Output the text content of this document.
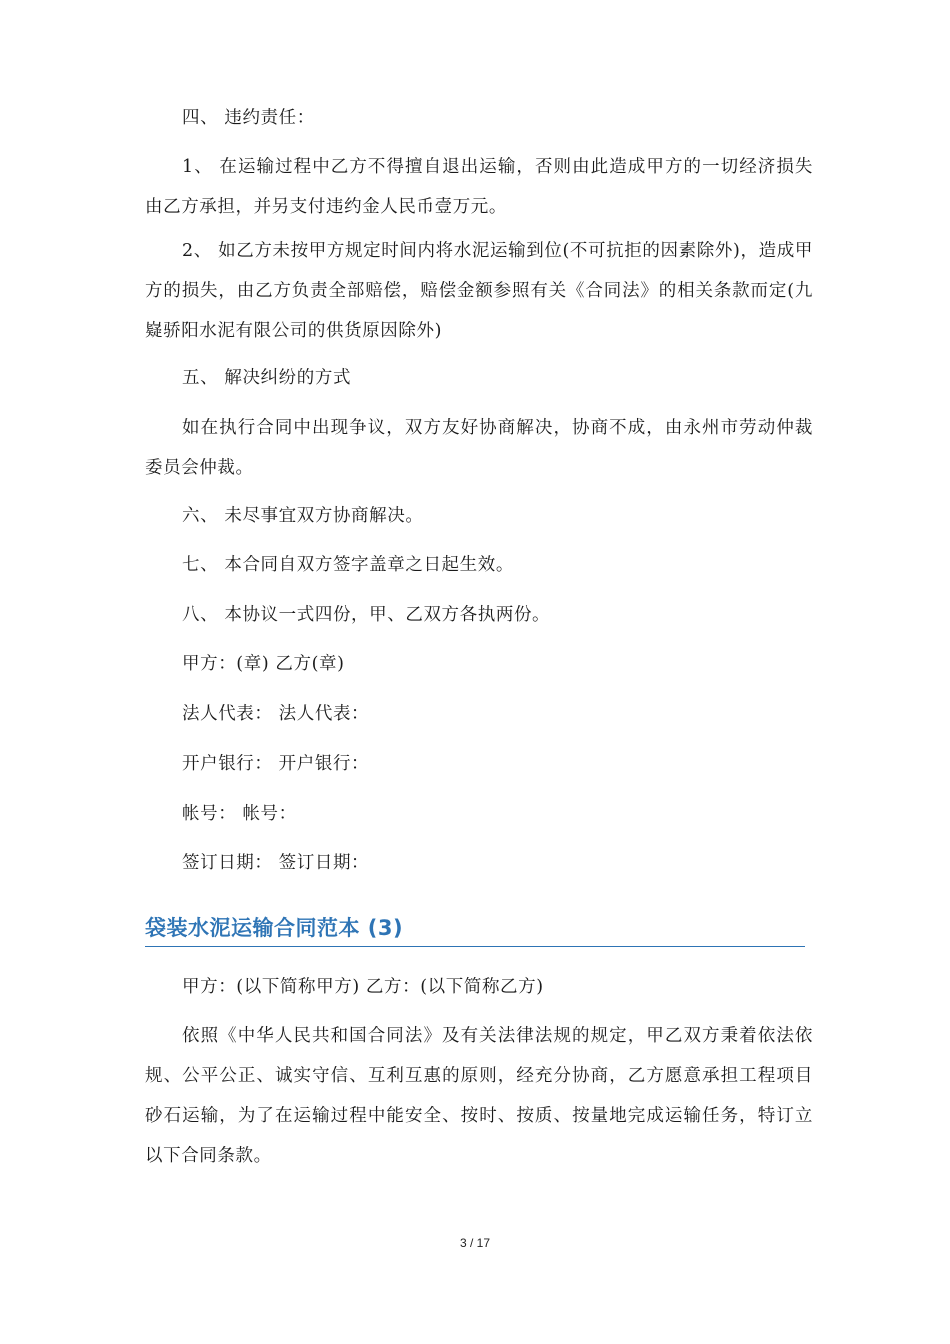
四、 违约责任：

1、 在运输过程中乙方不得擅自退出运输，否则由此造成甲方的一切经济损失由乙方承担，并另支付违约金人民币壹万元。

2、 如乙方未按甲方规定时间内将水泥运输到位(不可抗拒的因素除外)，造成甲方的损失，由乙方负责全部赔偿，赔偿金额参照有关《合同法》的相关条款而定(九嶷骄阳水泥有限公司的供货原因除外)

五、 解决纠纷的方式

如在执行合同中出现争议，双方友好协商解决，协商不成，由永州市劳动仲裁委员会仲裁。

六、 未尽事宜双方协商解决。

七、 本合同自双方签字盖章之日起生效。

八、 本协议一式四份，甲、乙双方各执两份。

甲方：(章) 乙方(章)

法人代表： 法人代表：

开户银行： 开户银行：

帐号： 帐号：

签订日期： 签订日期：

袋装水泥运输合同范本 (3)

甲方：(以下简称甲方) 乙方：(以下简称乙方)

依照《中华人民共和国合同法》及有关法律法规的规定，甲乙双方秉着依法依规、公平公正、诚实守信、互利互惠的原则，经充分协商，乙方愿意承担工程项目砂石运输，为了在运输过程中能安全、按时、按质、按量地完成运输任务，特订立以下合同条款。

3 / 17
